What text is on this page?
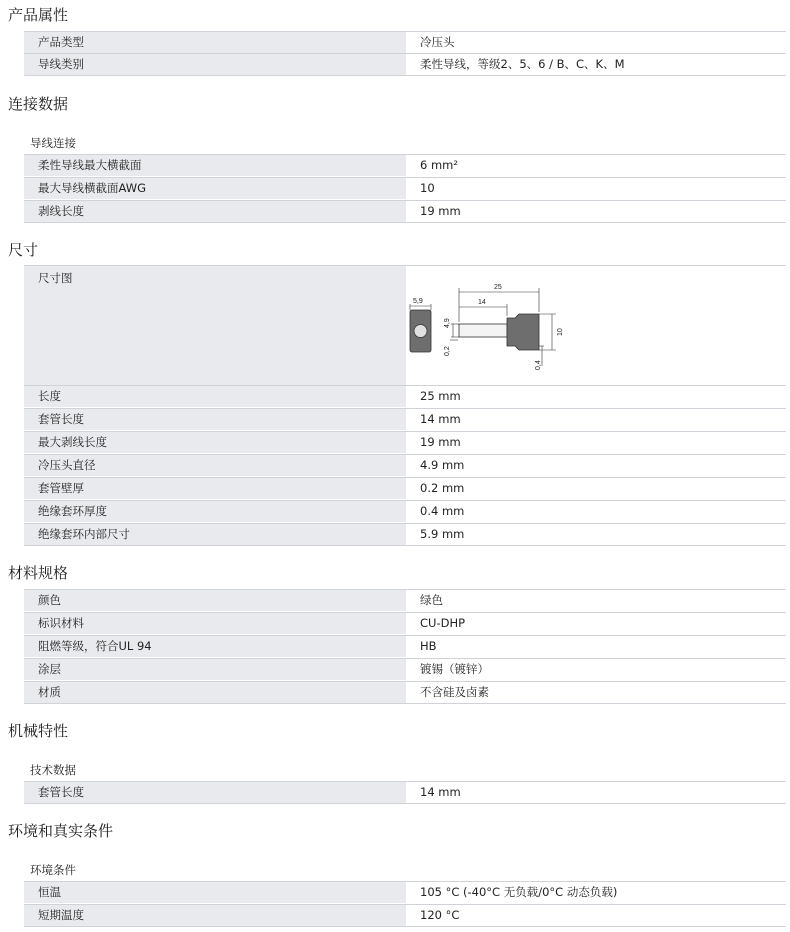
产品属性
产品类型	冷压头
导线类别	柔性导线，等级2、5、6 / B、C、K、M
连接数据
导线连接
柔性导线最大横截面	6 mm²
最大导线横截面AWG	10
剥线长度	19 mm
尺寸
尺寸图
5,9
25
14
4,9
0,2
10
0,4
长度	25 mm
套管长度	14 mm
最大剥线长度	19 mm
冷压头直径	4.9 mm
套管壁厚	0.2 mm
绝缘套环厚度	0.4 mm
绝缘套环内部尺寸	5.9 mm
材料规格
颜色	绿色
标识材料	CU-DHP
阻燃等级，符合UL 94	HB
涂层	镀锡（镀锌）
材质	不含硅及卤素
机械特性
技术数据
套管长度	14 mm
环境和真实条件
环境条件
恒温	105 °C (-40°C 无负载/0°C 动态负载)
短期温度	120 °C
